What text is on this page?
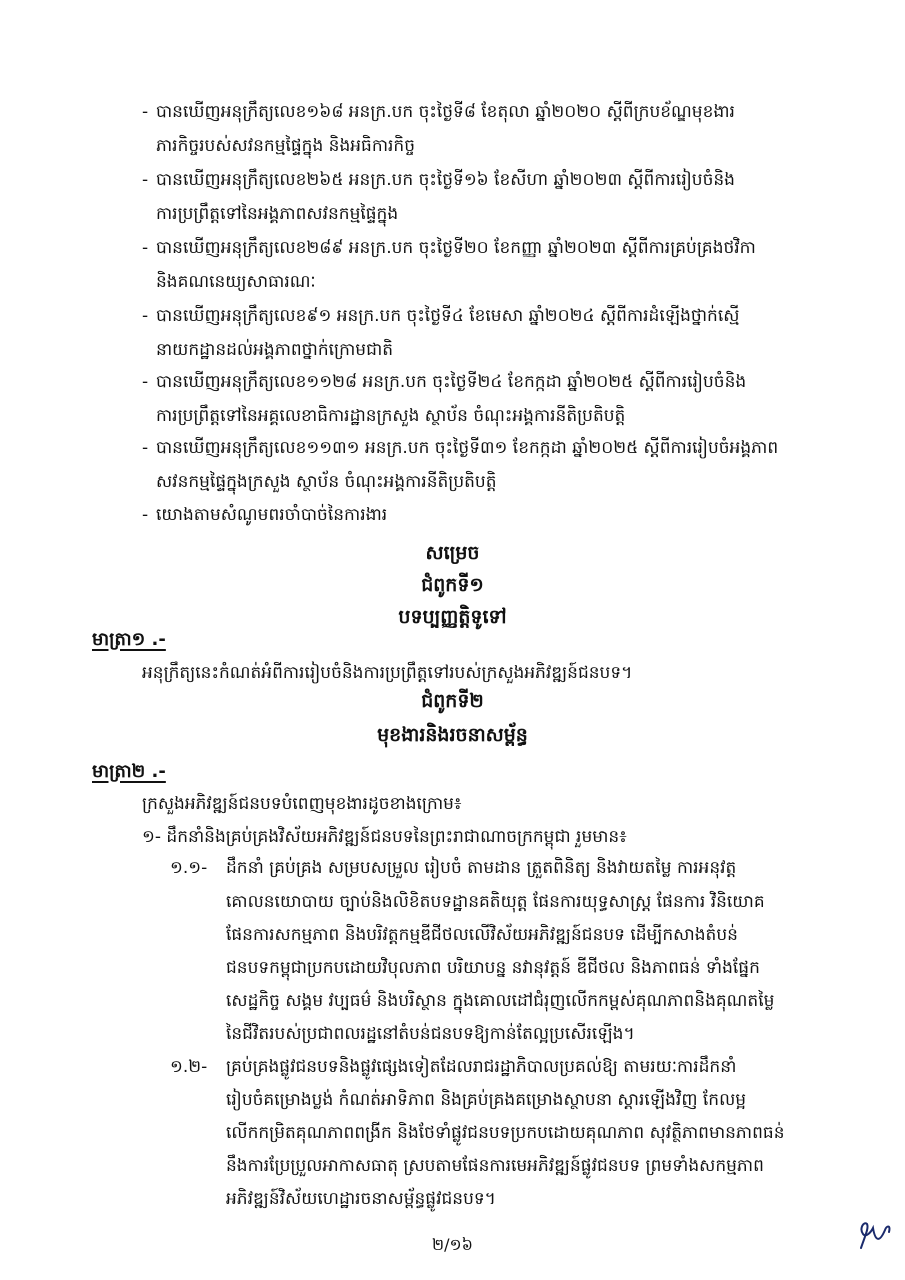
- បានឃើញអនុក្រឹត្យលេខ១៦៨ អនក្រ.បក ចុះថ្ងៃទី៨ ខែតុលា ឆ្នាំ២០២០ ស្តីពីក្របខ័ណ្ឌមុខងារ
ភារកិច្ចរបស់សវនកម្មផ្ទៃក្នុង និងអធិការកិច្ច
- បានឃើញអនុក្រឹត្យលេខ២៦៥ អនក្រ.បក ចុះថ្ងៃទី១៦ ខែសីហា ឆ្នាំ២០២៣ ស្តីពីការរៀបចំនិង
ការប្រព្រឹត្តទៅនៃអង្គភាពសវនកម្មផ្ទៃក្នុង
- បានឃើញអនុក្រឹត្យលេខ២៨៩ អនក្រ.បក ចុះថ្ងៃទី២០ ខែកញ្ញា ឆ្នាំ២០២៣ ស្តីពីការគ្រប់គ្រងថវិកា
និងគណនេយ្យសាធារណៈ
- បានឃើញអនុក្រឹត្យលេខ៩១ អនក្រ.បក ចុះថ្ងៃទី៤ ខែមេសា ឆ្នាំ២០២៤ ស្តីពីការដំឡើងថ្នាក់ស្មើ
នាយកដ្ឋានដល់អង្គភាពថ្នាក់ក្រោមជាតិ
- បានឃើញអនុក្រឹត្យលេខ១១២៨ អនក្រ.បក ចុះថ្ងៃទី២៤ ខែកក្កដា ឆ្នាំ២០២៥ ស្តីពីការរៀបចំនិង
ការប្រព្រឹត្តទៅនៃអគ្គលេខាធិការដ្ឋានក្រសួង ស្ថាប័ន ចំណុះអង្គការនីតិប្រតិបត្តិ
- បានឃើញអនុក្រឹត្យលេខ១១៣១ អនក្រ.បក ចុះថ្ងៃទី៣១ ខែកក្កដា ឆ្នាំ២០២៥ ស្តីពីការរៀបចំអង្គភាព
សវនកម្មផ្ទៃក្នុងក្រសួង ស្ថាប័ន ចំណុះអង្គការនីតិប្រតិបត្តិ
- យោងតាមសំណូមពរចាំបាច់នៃការងារ
សម្រេច
ជំពូកទី១
បទប្បញ្ញត្តិទូទៅ
មាត្រា១ .-
អនុក្រឹត្យនេះកំណត់អំពីការរៀបចំនិងការប្រព្រឹត្តទៅរបស់ក្រសួងអភិវឌ្ឍន៍ជនបទ។
ជំពូកទី២
មុខងារនិងរចនាសម្ព័ន្ធ
មាត្រា២ .-
ក្រសួងអភិវឌ្ឍន៍ជនបទបំពេញមុខងារដូចខាងក្រោម៖
១- ដឹកនាំនិងគ្រប់គ្រងវិស័យអភិវឌ្ឍន៍ជនបទនៃព្រះរាជាណាចក្រកម្ពុជា រួមមាន៖
១.១- ដឹកនាំ គ្រប់គ្រង សម្របសម្រួល រៀបចំ តាមដាន ត្រួតពិនិត្យ និងវាយតម្លៃ ការអនុវត្ត
គោលនយោបាយ ច្បាប់និងលិខិតបទដ្ឋានគតិយុត្ត ផែនការយុទ្ធសាស្ត្រ ផែនការ វិនិយោគ
ផែនការសកម្មភាព និងបរិវត្តកម្មឌីជីថលលើវិស័យអភិវឌ្ឍន៍ជនបទ ដើម្បីកសាងតំបន់
ជនបទកម្ពុជាប្រកបដោយវិបុលភាព បរិយាបន្ន នវានុវត្តន៍ ឌីជីថល និងភាពធន់ ទាំងផ្នែក
សេដ្ឋកិច្ច សង្គម វប្បធម៌ និងបរិស្ថាន ក្នុងគោលដៅជំរុញលើកកម្ពស់គុណភាពនិងគុណតម្លៃ
នៃជីវិតរបស់ប្រជាពលរដ្ឋនៅតំបន់ជនបទឱ្យកាន់តែល្អប្រសើរឡើង។
១.២- គ្រប់គ្រងផ្លូវជនបទនិងផ្លូវផ្សេងទៀតដែលរាជរដ្ឋាភិបាលប្រគល់ឱ្យ តាមរយៈការដឹកនាំ
រៀបចំគម្រោងប្លង់ កំណត់អាទិភាព និងគ្រប់គ្រងគម្រោងស្ថាបនា ស្តារឡើងវិញ កែលម្អ
លើកកម្រិតគុណភាពពង្រីក និងថែទាំផ្លូវជនបទប្រកបដោយគុណភាព សុវត្ថិភាពមានភាពធន់
នឹងការប្រែប្រួលអាកាសធាតុ ស្របតាមផែនការមេអភិវឌ្ឍន៍ផ្លូវជនបទ ព្រមទាំងសកម្មភាព
អភិវឌ្ឍន៍វិស័យហេដ្ឋារចនាសម្ព័ន្ធផ្លូវជនបទ។
២/១៦
